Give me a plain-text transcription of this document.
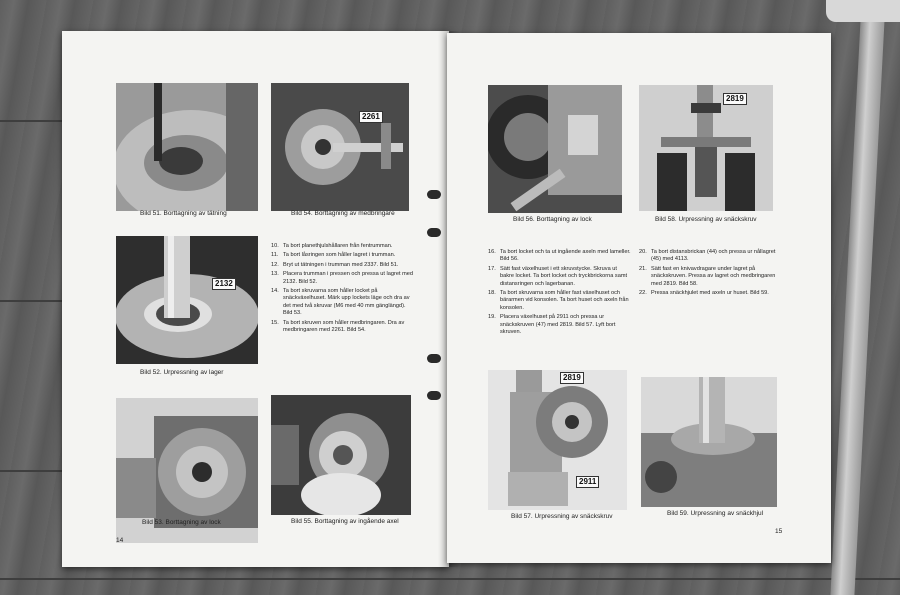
Bild 51. Borttagning av tätning
2261
Bild 54. Borttagning av medbringare
2132
Bild 52. Urpressning av lager
10. Ta bort planethjulshållaren från fentrumman.
11. Ta bort låsringen som håller lagret i trumman.
12. Bryt ut tätningen i trumman med 2337. Bild 51.
13. Placera trumman i pressen och pressa ut lagret med 2132. Bild 52.
14. Ta bort skruvarna som håller locket på snäckväxelhuset. Märk upp lockets läge och dra av det med två skruvar (M6 med 40 mm gänglängd). Bild 53.
15. Ta bort skruven som håller medbringaren. Dra av medbringaren med 2261. Bild 54.
Bild 53. Borttagning av lock	Bild 55. Borttagning av ingående axel
14
Bild 56. Borttagning av lock
2819
Bild 58. Urpressning av snäckskruv
16. Ta bort locket och ta ut ingående axeln med lameller. Bild 56.
17. Sätt fast växelhuset i ett skruvstycke. Skruva ut bakre locket. Ta bort locket och tryckbrickorna samt distansringen och lagerbanan.
18. Ta bort skruvarna som håller fast växelhuset och bärarmen vid konsolen. Ta bort huset och axeln från konsolen.
19. Placera växelhuset på 2911 och pressa ur snäckskruven (47) med 2819. Bild 57. Lyft bort skruven.
20. Ta bort distansbrickan (44) och pressa ur nållagret (45) med 4113.
21. Sätt fast en knivavdragare under lagret på snäckskruven. Pressa av lagret och medbringaren med 2819. Bild 58.
22. Pressa snäckhjulet med axeln ur huset. Bild 59.
2819
2911
Bild 57. Urpressning av snäckskruv	Bild 59. Urpressning av snäckhjul
15
